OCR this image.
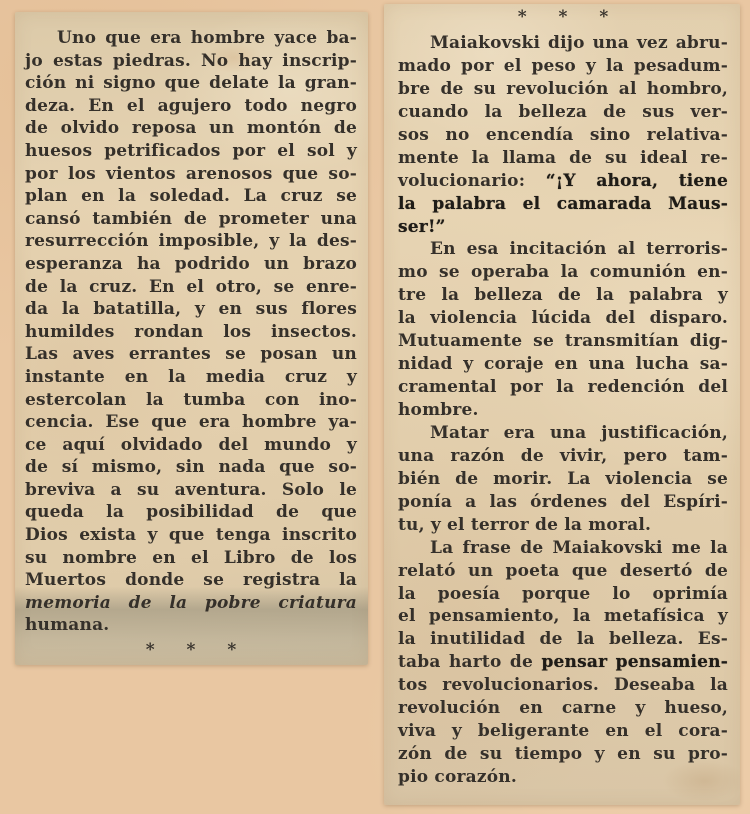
Uno que era hombre yace ba-
jo estas piedras. No hay inscrip-
ción ni signo que delate la gran-
deza. En el agujero todo negro
de olvido reposa un montón de
huesos petrificados por el sol y
por los vientos arenosos que so-
plan en la soledad. La cruz se
cansó también de prometer una
resurrección imposible, y la des-
esperanza ha podrido un brazo
de la cruz. En el otro, se enre-
da la batatilla, y en sus flores
humildes rondan los insectos.
Las aves errantes se posan un
instante en la media cruz y
estercolan la tumba con ino-
cencia. Ese que era hombre ya-
ce aquí olvidado del mundo y
de sí mismo, sin nada que so-
breviva a su aventura. Solo le
queda la posibilidad de que
Dios exista y que tenga inscrito
su nombre en el Libro de los
Muertos donde se registra la
memoria de la pobre criatura
humana.
* * *
* * *
Maiakovski dijo una vez abru-
mado por el peso y la pesadum-
bre de su revolución al hombro,
cuando la belleza de sus ver-
sos no encendía sino relativa-
mente la llama de su ideal re-
volucionario: “¡Y ahora, tiene
la palabra el camarada Maus-
ser!”
En esa incitación al terroris-
mo se operaba la comunión en-
tre la belleza de la palabra y
la violencia lúcida del disparo.
Mutuamente se transmitían dig-
nidad y coraje en una lucha sa-
cramental por la redención del
hombre.
Matar era una justificación,
una razón de vivir, pero tam-
bién de morir. La violencia se
ponía a las órdenes del Espíri-
tu, y el terror de la moral.
La frase de Maiakovski me la
relató un poeta que desertó de
la poesía porque lo oprimía
el pensamiento, la metafísica y
la inutilidad de la belleza. Es-
taba harto de pensar pensamien-
tos revolucionarios. Deseaba la
revolución en carne y hueso,
viva y beligerante en el cora-
zón de su tiempo y en su pro-
pio corazón.
